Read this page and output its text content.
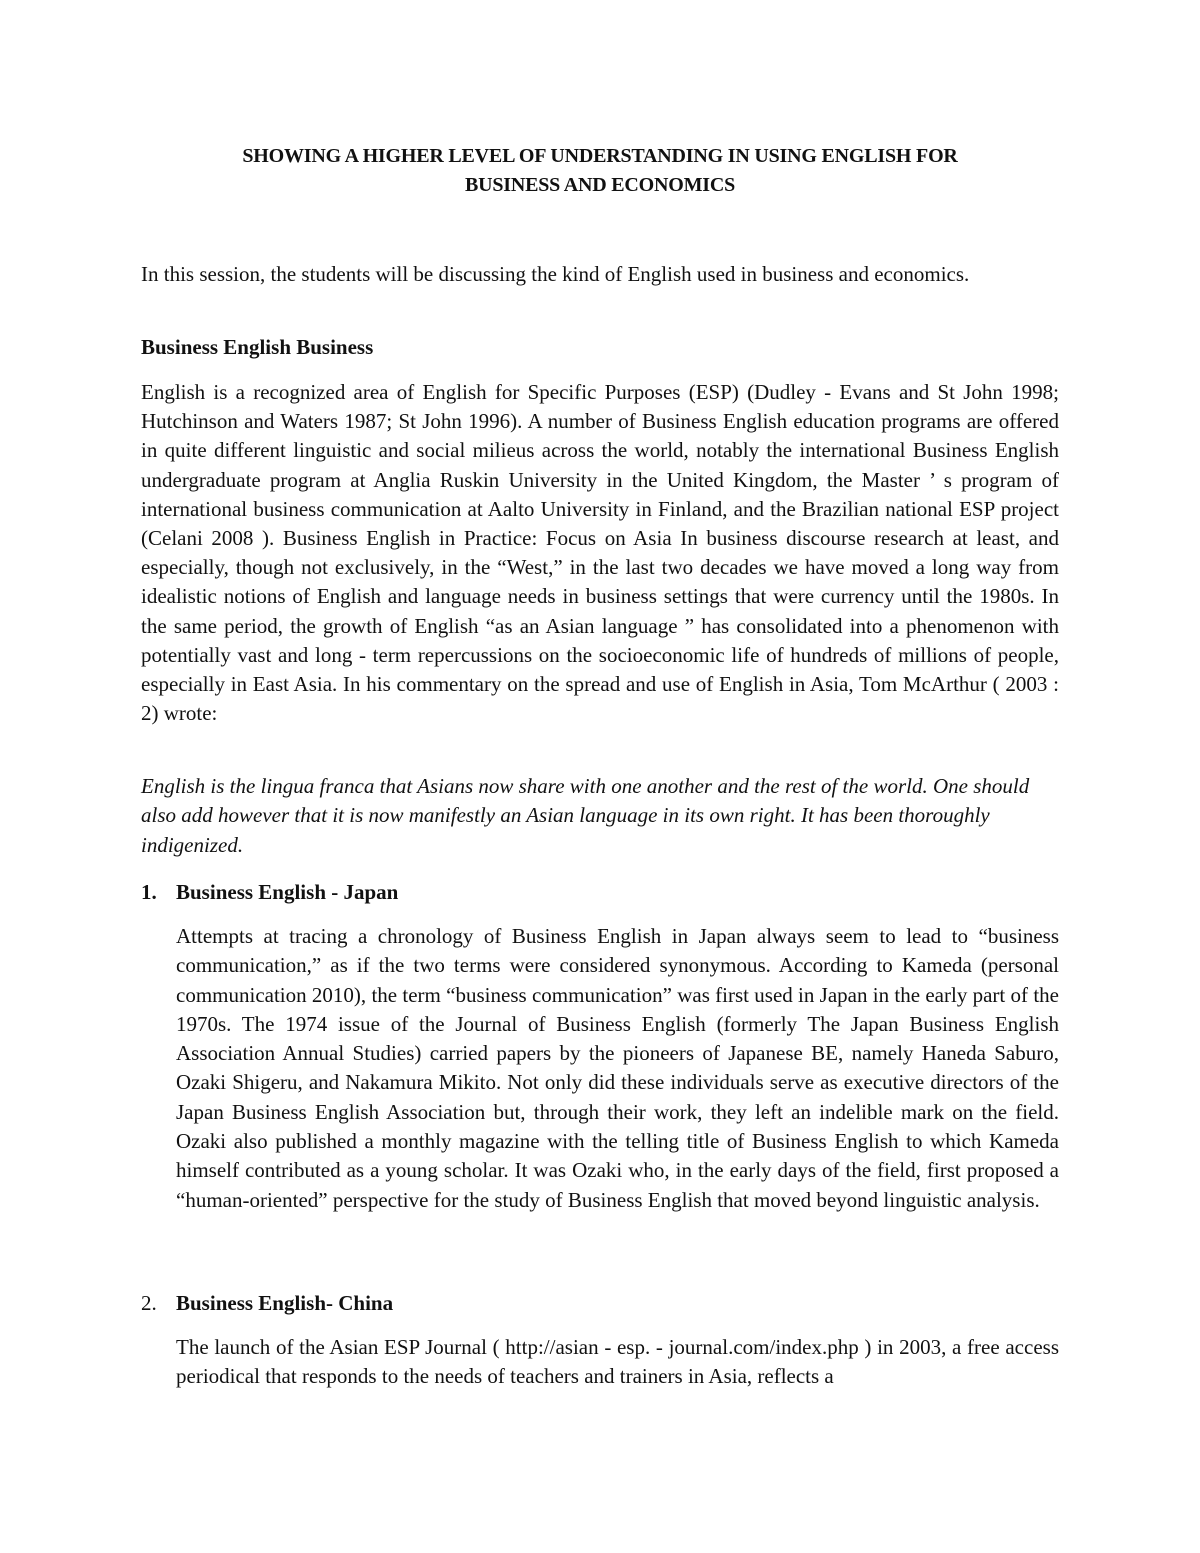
SHOWING A HIGHER LEVEL OF UNDERSTANDING IN USING ENGLISH FOR
BUSINESS AND ECONOMICS

In this session, the students will be discussing the kind of English used in business and economics.

Business English Business

English is a recognized area of English for Specific Purposes (ESP) (Dudley - Evans and St John 1998; Hutchinson and Waters 1987; St John 1996). A number of Business English education programs are offered in quite different linguistic and social milieus across the world, notably the international Business English undergraduate program at Anglia Ruskin University in the United Kingdom, the Master ’ s program of international business communication at Aalto University in Finland, and the Brazilian national ESP project (Celani 2008 ). Business English in Practice: Focus on Asia In business discourse research at least, and especially, though not exclusively, in the “West,” in the last two decades we have moved a long way from idealistic notions of English and language needs in business settings that were currency until the 1980s. In the same period, the growth of English “as an Asian language ” has consolidated into a phenomenon with potentially vast and long - term repercussions on the socioeconomic life of hundreds of millions of people, especially in East Asia. In his commentary on the spread and use of English in Asia, Tom McArthur ( 2003 : 2) wrote:

English is the lingua franca that Asians now share with one another and the rest of the world. One should also add however that it is now manifestly an Asian language in its own right. It has been thoroughly indigenized.

1. Business English - Japan

Attempts at tracing a chronology of Business English in Japan always seem to lead to “business communication,” as if the two terms were considered synonymous. According to Kameda (personal communication 2010), the term “business communication” was first used in Japan in the early part of the 1970s. The 1974 issue of the Journal of Business English (formerly The Japan Business English Association Annual Studies) carried papers by the pioneers of Japanese BE, namely Haneda Saburo, Ozaki Shigeru, and Nakamura Mikito. Not only did these individuals serve as executive directors of the Japan Business English Association but, through their work, they left an indelible mark on the field. Ozaki also published a monthly magazine with the telling title of Business English to which Kameda himself contributed as a young scholar. It was Ozaki who, in the early days of the field, first proposed a “human-oriented” perspective for the study of Business English that moved beyond linguistic analysis.

2. Business English- China

The launch of the Asian ESP Journal ( http://asian - esp. - journal.com/index.php ) in 2003, a free access periodical that responds to the needs of teachers and trainers in Asia, reflects a
